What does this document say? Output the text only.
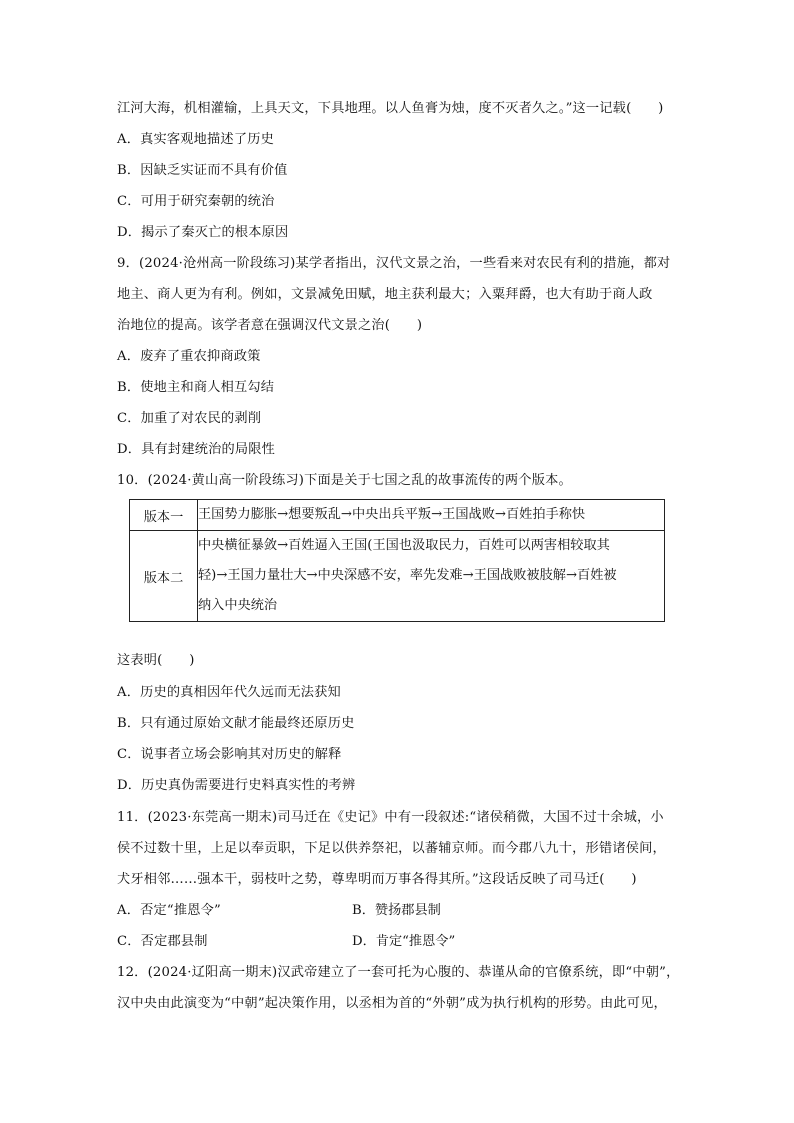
江河大海，机相灌输，上具天文，下具地理。以人鱼膏为烛，度不灭者久之。”这一记载(　　)
A．真实客观地描述了历史
B．因缺乏实证而不具有价值
C．可用于研究秦朝的统治
D．揭示了秦灭亡的根本原因
9．(2024·沧州高一阶段练习)某学者指出，汉代文景之治，一些看来对农民有利的措施，都对
地主、商人更为有利。例如，文景减免田赋，地主获利最大；入粟拜爵，也大有助于商人政
治地位的提高。该学者意在强调汉代文景之治(　　)
A．废弃了重农抑商政策
B．使地主和商人相互勾结
C．加重了对农民的剥削
D．具有封建统治的局限性
10．(2024·黄山高一阶段练习)下面是关于七国之乱的故事流传的两个版本。
版本一	王国势力膨胀→想要叛乱→中央出兵平叛→王国战败→百姓拍手称快

版本二	中央横征暴敛→百姓逼入王国(王国也汲取民力，百姓可以两害相较取其
轻)→王国力量壮大→中央深感不安，率先发难→王国战败被肢解→百姓被
纳入中央统治
这表明(　　)
A．历史的真相因年代久远而无法获知
B．只有通过原始文献才能最终还原历史
C．说事者立场会影响其对历史的解释
D．历史真伪需要进行史料真实性的考辨
11．(2023·东莞高一期末)司马迁在《史记》中有一段叙述:“诸侯稍微，大国不过十余城，小
侯不过数十里，上足以奉贡职，下足以供养祭祀，以蕃辅京师。而今郡八九十，形错诸侯间，
犬牙相邻……强本干，弱枝叶之势，尊卑明而万事各得其所。”这段话反映了司马迁(　　)
A．否定“推恩令”	B．赞扬郡县制
C．否定郡县制	D．肯定“推恩令”
12．(2024·辽阳高一期末)汉武帝建立了一套可托为心腹的、恭谨从命的官僚系统，即“中朝”，
汉中央由此演变为“中朝”起决策作用，以丞相为首的“外朝”成为执行机构的形势。由此可见，
